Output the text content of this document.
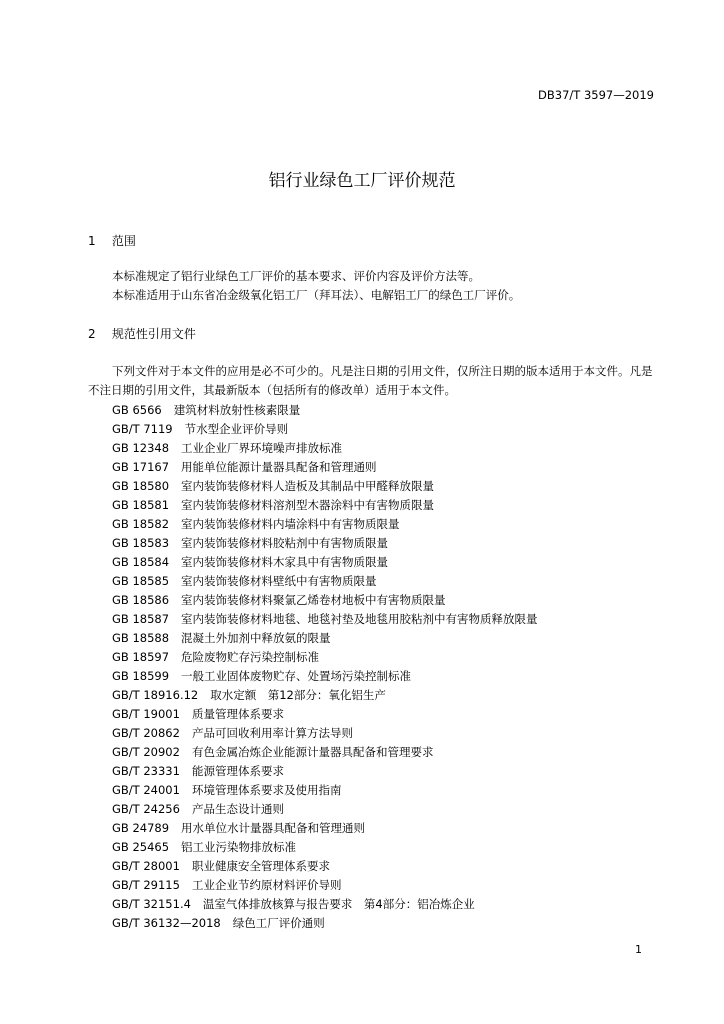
DB37/T 3597—2019
铝行业绿色工厂评价规范
1 范围

本标准规定了铝行业绿色工厂评价的基本要求、评价内容及评价方法等。

本标准适用于山东省冶金级氧化铝工厂（拜耳法）、电解铝工厂的绿色工厂评价。

2 规范性引用文件

下列文件对于本文件的应用是必不可少的。凡是注日期的引用文件，仅所注日期的版本适用于本文件。凡是不注日期的引用文件，其最新版本（包括所有的修改单）适用于本文件。

GB 6566 建筑材料放射性核素限量
GB/T 7119 节水型企业评价导则
GB 12348 工业企业厂界环境噪声排放标准
GB 17167 用能单位能源计量器具配备和管理通则
GB 18580 室内装饰装修材料人造板及其制品中甲醛释放限量
GB 18581 室内装饰装修材料溶剂型木器涂料中有害物质限量
GB 18582 室内装饰装修材料内墙涂料中有害物质限量
GB 18583 室内装饰装修材料胶粘剂中有害物质限量
GB 18584 室内装饰装修材料木家具中有害物质限量
GB 18585 室内装饰装修材料壁纸中有害物质限量
GB 18586 室内装饰装修材料聚氯乙烯卷材地板中有害物质限量
GB 18587 室内装饰装修材料地毯、地毯衬垫及地毯用胶粘剂中有害物质释放限量
GB 18588 混凝土外加剂中释放氨的限量
GB 18597 危险废物贮存污染控制标准
GB 18599 一般工业固体废物贮存、处置场污染控制标准
GB/T 18916.12 取水定额　第12部分：氧化铝生产
GB/T 19001 质量管理体系要求
GB/T 20862 产品可回收利用率计算方法导则
GB/T 20902 有色金属冶炼企业能源计量器具配备和管理要求
GB/T 23331 能源管理体系要求
GB/T 24001 环境管理体系要求及使用指南
GB/T 24256 产品生态设计通则
GB 24789 用水单位水计量器具配备和管理通则
GB 25465 铝工业污染物排放标准
GB/T 28001 职业健康安全管理体系要求
GB/T 29115 工业企业节约原材料评价导则
GB/T 32151.4 温室气体排放核算与报告要求　第4部分：铝冶炼企业
GB/T 36132—2018 绿色工厂评价通则
1
